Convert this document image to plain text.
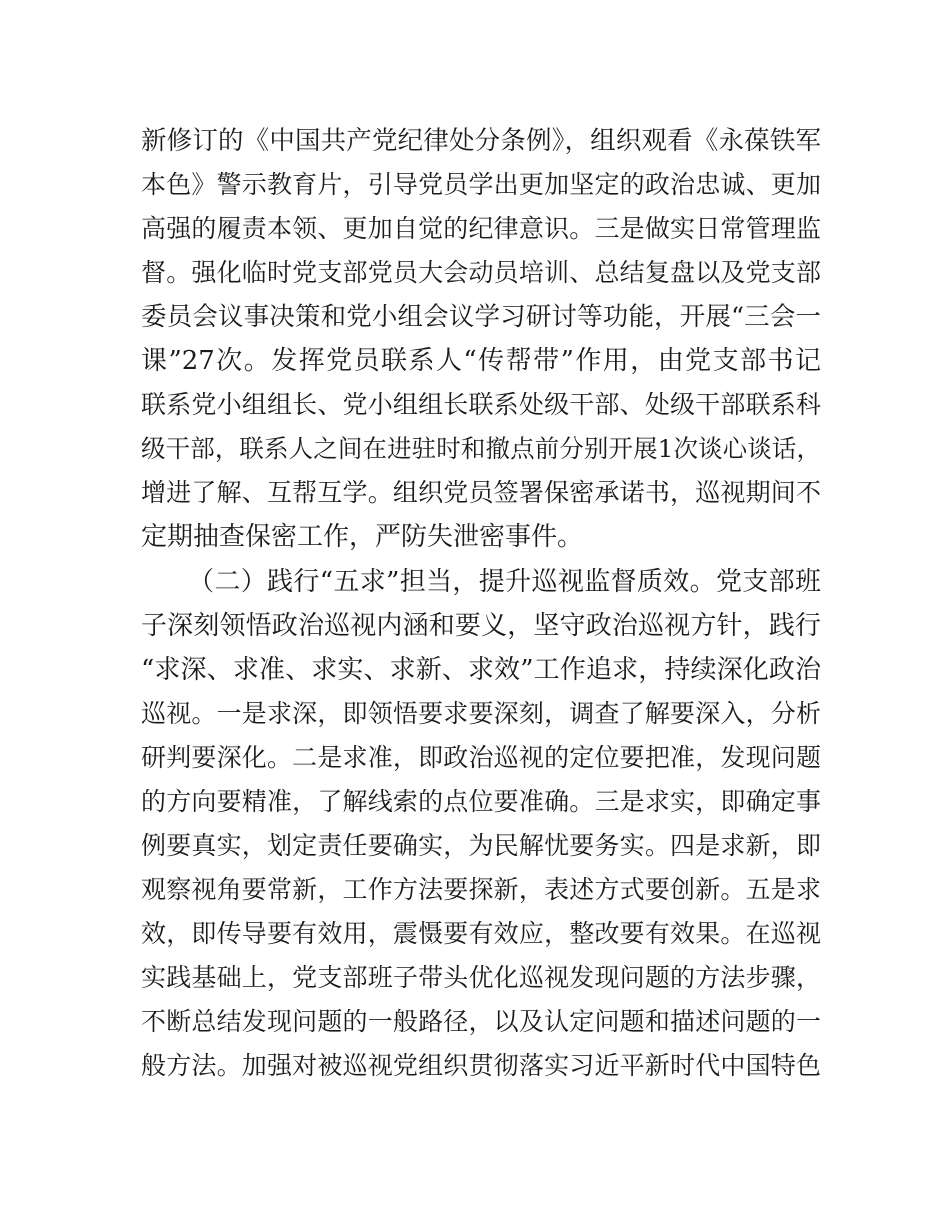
新修订的《中国共产党纪律处分条例》，组织观看《永葆铁军
本色》警示教育片，引导党员学出更加坚定的政治忠诚、更加
高强的履责本领、更加自觉的纪律意识。三是做实日常管理监
督。强化临时党支部党员大会动员培训、总结复盘以及党支部
委员会议事决策和党小组会议学习研讨等功能，开展“三会一
课”27次。发挥党员联系人“传帮带”作用，由党支部书记
联系党小组组长、党小组组长联系处级干部、处级干部联系科
级干部，联系人之间在进驻时和撤点前分别开展1次谈心谈话，
增进了解、互帮互学。组织党员签署保密承诺书，巡视期间不
定期抽查保密工作，严防失泄密事件。
（二）践行“五求”担当，提升巡视监督质效。党支部班
子深刻领悟政治巡视内涵和要义，坚守政治巡视方针，践行
“求深、求准、求实、求新、求效”工作追求，持续深化政治
巡视。一是求深，即领悟要求要深刻，调查了解要深入，分析
研判要深化。二是求准，即政治巡视的定位要把准，发现问题
的方向要精准，了解线索的点位要准确。三是求实，即确定事
例要真实，划定责任要确实，为民解忧要务实。四是求新，即
观察视角要常新，工作方法要探新，表述方式要创新。五是求
效，即传导要有效用，震慑要有效应，整改要有效果。在巡视
实践基础上，党支部班子带头优化巡视发现问题的方法步骤，
不断总结发现问题的一般路径，以及认定问题和描述问题的一
般方法。加强对被巡视党组织贯彻落实习近平新时代中国特色
